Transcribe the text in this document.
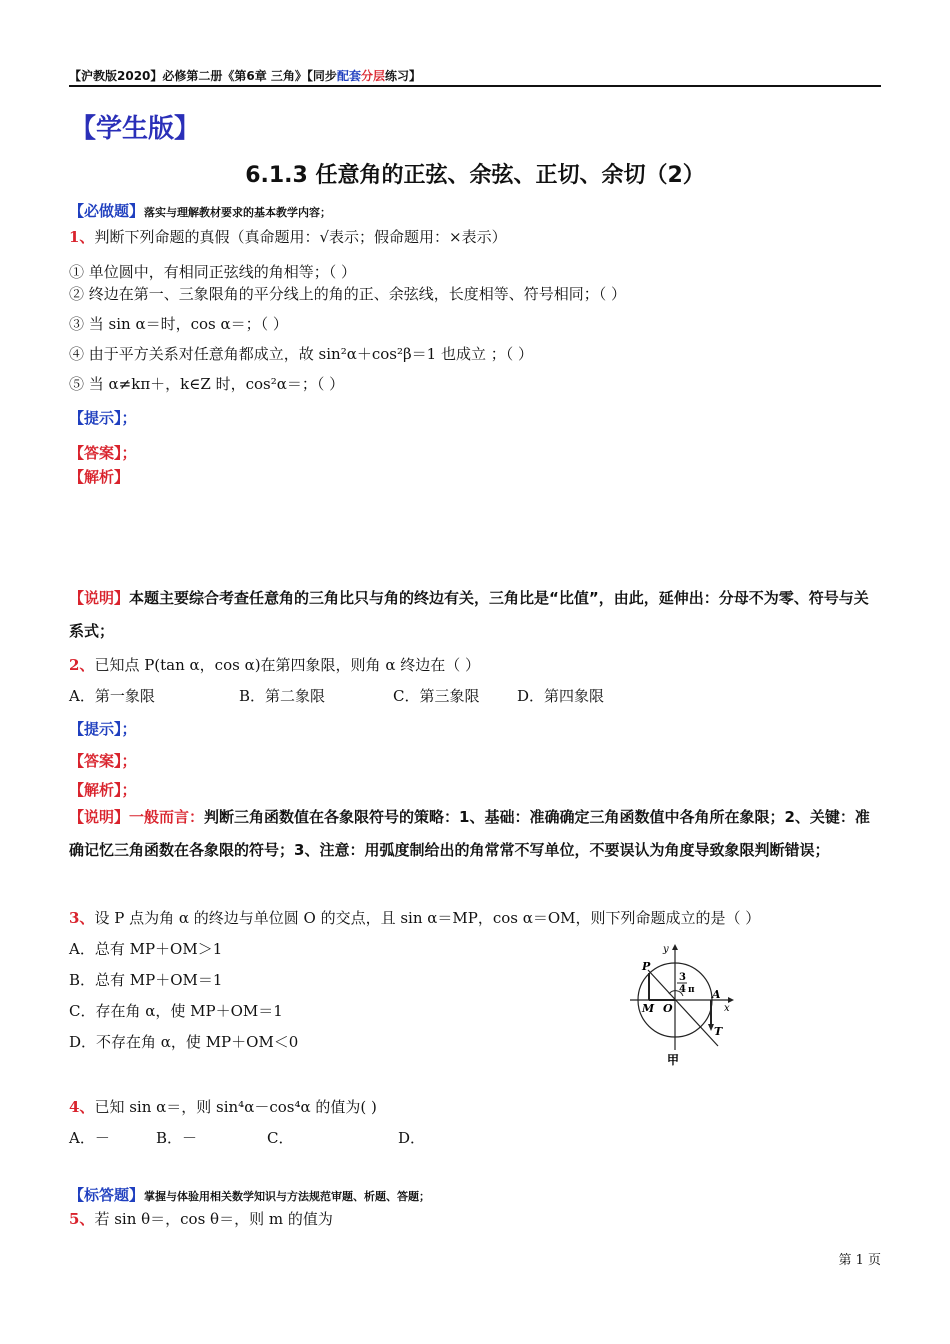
【沪教版2020】必修第二册《第6章 三角》【同步配套分层练习】
【学生版】
6.1.3 任意角的正弦、余弦、正切、余切（2）
【必做题】落实与理解教材要求的基本教学内容；
1、判断下列命题的真假（真命题用：√表示；假命题用：×表示）
① 单位圆中，有相同正弦线的角相等；（ ）
② 终边在第一、三象限角的平分线上的角的正、余弦线，长度相等、符号相同；（ ）
③ 当 sin α＝时，cos α＝；（ ）
④ 由于平方关系对任意角都成立，故 sin²α＋cos²β＝1 也成立 ；（ ）
⑤ 当 α≠kπ＋，k∈Z 时，cos²α＝；（ ）
【提示】；
【答案】；
【解析】
【说明】本题主要综合考查任意角的三角比只与角的终边有关，三角比是“比值”，由此，延伸出：分母不为零、符号与关系式；
2、已知点 P(tan α，cos α)在第四象限，则角 α 终边在（ ）
A．第一象限	B．第二象限	C．第三象限	D．第四象限
【提示】；
【答案】；
【解析】；
【说明】一般而言：判断三角函数值在各象限符号的策略：1、基础：准确确定三角函数值中各角所在象限；2、关键：准确记忆三角函数在各象限的符号；3、注意：用弧度制给出的角常常不写单位，不要误认为角度导致象限判断错误；
3、设 P 点为角 α 的终边与单位圆 O 的交点，且 sin α＝MP，cos α＝OM，则下列命题成立的是（ ）
A．总有 MP＋OM＞1
B．总有 MP＋OM＝1
C．存在角 α，使 MP＋OM＝1
D．不存在角 α，使 MP＋OM＜0
y
x
P
A
M O
T
3
4 π
甲
4、已知 sin α＝，则 sin⁴α－cos⁴α 的值为( )
A．－	B．－	C．	D．
【标答题】掌握与体验用相关数学知识与方法规范审题、析题、答题；
5、若 sin θ＝，cos θ＝，则 m 的值为
第 1 页
